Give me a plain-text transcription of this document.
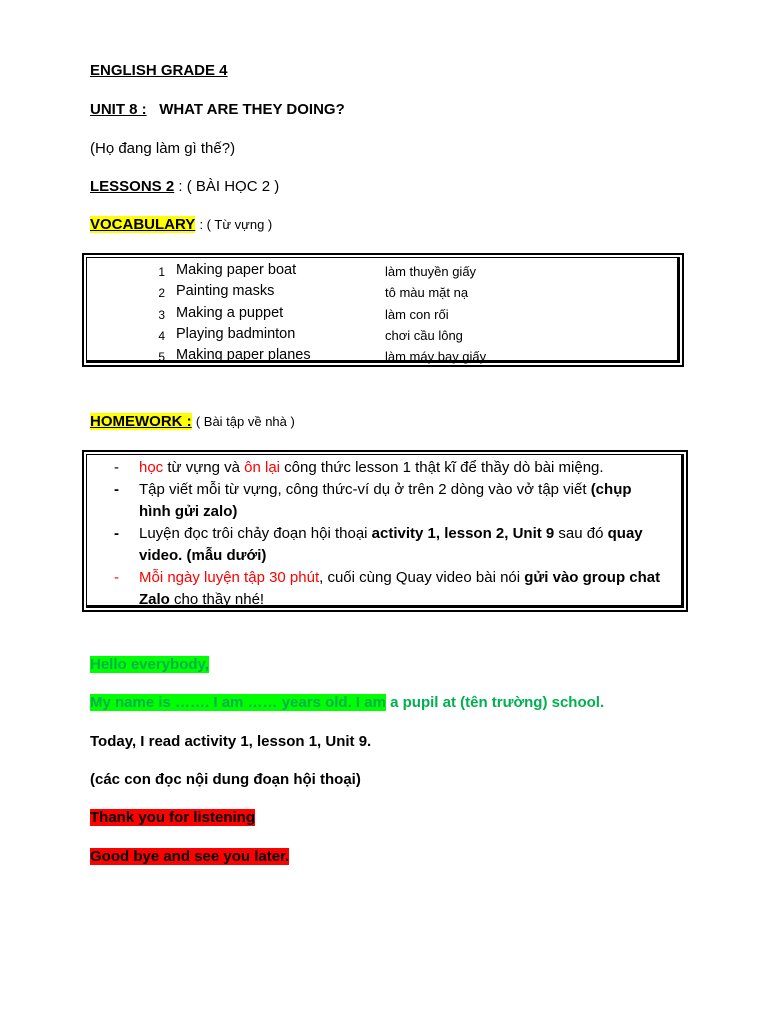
ENGLISH GRADE 4
UNIT 8 : WHAT ARE THEY DOING?
(Họ đang làm gì thế?)
LESSONS 2 : ( BÀI HỌC 2 )
VOCABULARY : ( Từ vựng )
1 Making paper boat	làm thuyền giấy
2 Painting masks	tô màu mặt nạ
3 Making a puppet	làm con rối
4 Playing badminton	chơi cầu lông
5 Making paper planes	làm máy bay giấy
HOMEWORK : ( Bài tập về nhà )
-	học từ vựng và ôn lại công thức lesson 1 thật kĩ để thầy dò bài miệng.
-	Tập viết mỗi từ vựng, công thức-ví dụ ở trên 2 dòng vào vở tập viết (chụp hình gửi zalo)
-	Luyện đọc trôi chảy đoạn hội thoại activity 1, lesson 2, Unit 9 sau đó quay video. (mẫu dưới)
-	Mỗi ngày luyện tập 30 phút, cuối cùng Quay video bài nói gửi vào group chat Zalo cho thầy nhé!
Hello everybody,
My name is ……. I am …… years old. I am a pupil at (tên trường) school.
Today, I read activity 1, lesson 1, Unit 9.
(các con đọc nội dung đoạn hội thoại)
Thank you for listening
Good bye and see you later.
